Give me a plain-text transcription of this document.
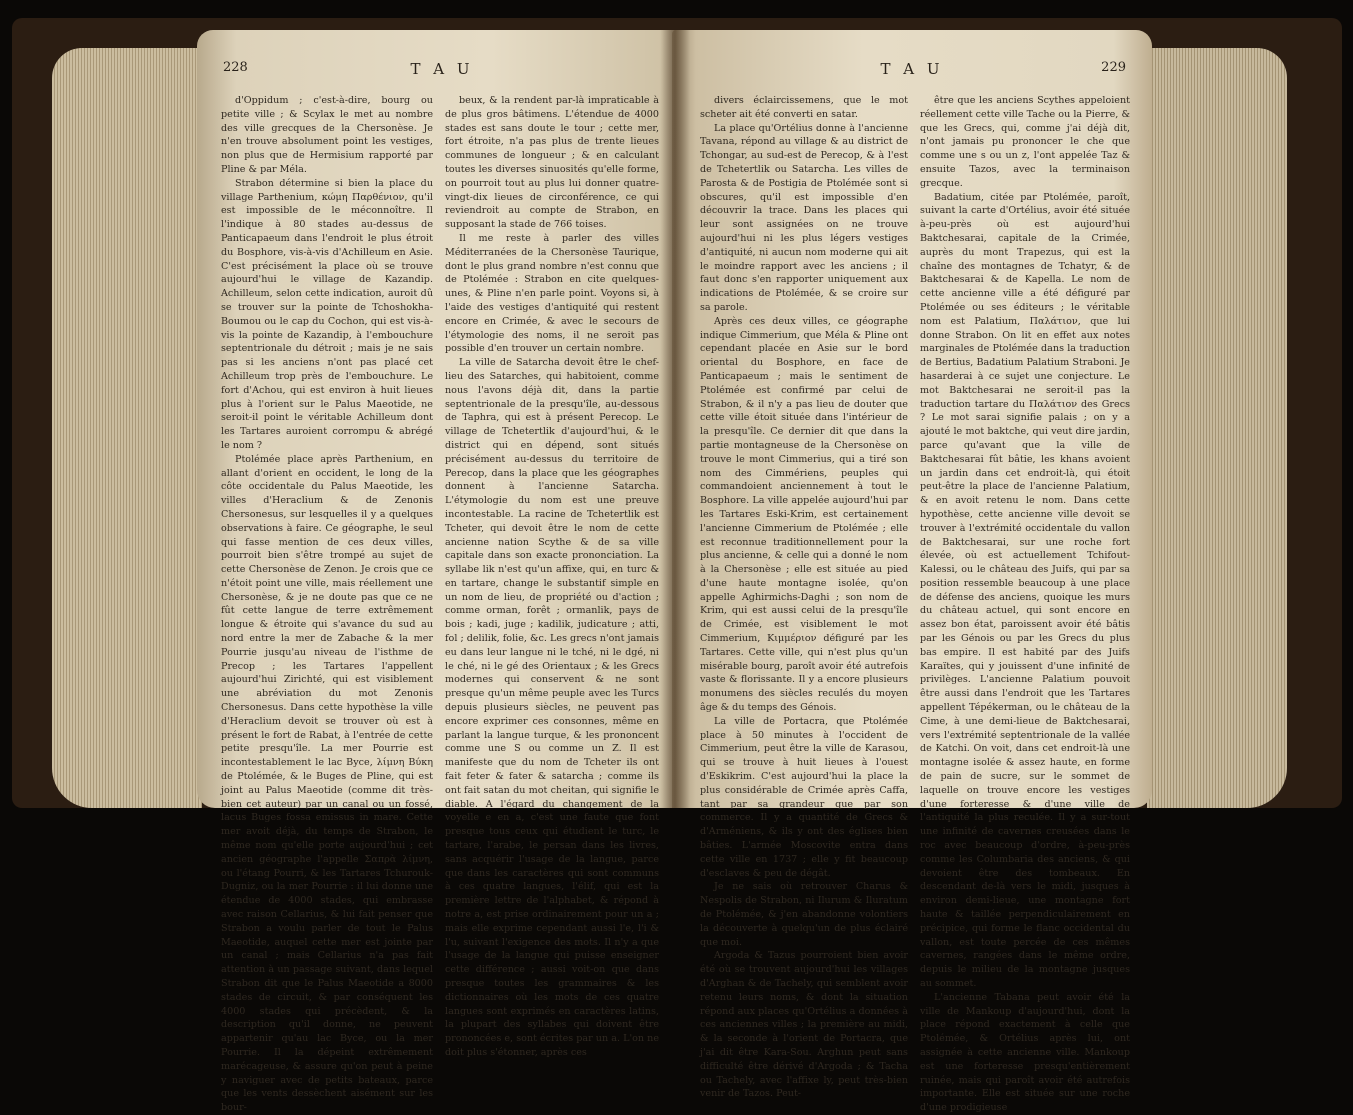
228	T A U

d'Oppidum ; c'est-à-dire, bourg ou petite ville ; & Scylax le met au nombre des ville grecques de la Chersonèse. Je n'en trouve absolument point les vestiges, non plus que de Hermisium rapporté par Pline & par Méla.

Strabon détermine si bien la place du village Parthenium, κώμη Παρθένιον, qu'il est impossible de le méconnoître. Il l'indique à 80 stades au-dessus de Panticapaeum dans l'endroit le plus étroit du Bosphore, vis-à-vis d'Achilleum en Asie. C'est précisément la place où se trouve aujourd'hui le village de Kazandip. Achilleum, selon cette indication, auroit dû se trouver sur la pointe de Tchoshokha-Boumou ou le cap du Cochon, qui est vis-à-vis la pointe de Kazandip, à l'embouchure septentrionale du détroit ; mais je ne sais pas si les anciens n'ont pas placé cet Achilleum trop près de l'embouchure. Le fort d'Achou, qui est environ à huit lieues plus à l'orient sur le Palus Maeotide, ne seroit-il point le véritable Achilleum dont les Tartares auroient corrompu & abrégé le nom ?

Ptolémée place après Parthenium, en allant d'orient en occident, le long de la côte occidentale du Palus Maeotide, les villes d'Heraclium & de Zenonis Chersonesus, sur lesquelles il y a quelques observations à faire. Ce géographe, le seul qui fasse mention de ces deux villes, pourroit bien s'être trompé au sujet de cette Chersonèse de Zenon. Je crois que ce n'étoit point une ville, mais réellement une Chersonèse, & je ne doute pas que ce ne fût cette langue de terre extrêmement longue & étroite qui s'avance du sud au nord entre la mer de Zabache & la mer Pourrie jusqu'au niveau de l'isthme de Precop ; les Tartares l'appellent aujourd'hui Zirichté, qui est visiblement une abréviation du mot Zenonis Chersonesus. Dans cette hypothèse la ville d'Heraclium devoit se trouver où est à présent le fort de Rabat, à l'entrée de cette petite presqu'île. La mer Pourrie est incontestablement le lac Byce, λίμνη Βύκη de Ptolémée, & le Buges de Pline, qui est joint au Palus Maeotide (comme dit très-bien cet auteur) par un canal ou un fossé, lacus Buges fossa emissus in mare. Cette mer avoit déjà, du temps de Strabon, le même nom qu'elle porte aujourd'hui ; cet ancien géographe l'appelle Σαπρὰ λίμνη, ou l'étang Pourri, & les Tartares Tchurouk-Dugniz, ou la mer Pourrie : il lui donne une étendue de 4000 stades, qui embrasse avec raison Cellarius, & lui fait penser que Strabon a voulu parler de tout le Palus Maeotide, auquel cette mer est jointe par un canal ; mais Cellarius n'a pas fait attention à un passage suivant, dans lequel Strabon dit que le Palus Maeotide a 8000 stades de circuit, & par conséquent les 4000 stades qui précèdent, & la description qu'il donne, ne peuvent appartenir qu'au lac Byce, ou la mer Pourrie. Il la dépeint extrêmement marécageuse, & assure qu'on peut à peine y naviguer avec de petits bateaux, parce que les vents dessèchent aisément sur les bour-

beux, & la rendent par-là impraticable à de plus gros bâtimens. L'étendue de 4000 stades est sans doute le tour ; cette mer, fort étroite, n'a pas plus de trente lieues communes de longueur ; & en calculant toutes les diverses sinuosités qu'elle forme, on pourroit tout au plus lui donner quatre-vingt-dix lieues de circonférence, ce qui reviendroit au compte de Strabon, en supposant la stade de 766 toises.

Il me reste à parler des villes Méditerranées de la Chersonèse Taurique, dont le plus grand nombre n'est connu que de Ptolémée : Strabon en cite quelques-unes, & Pline n'en parle point. Voyons si, à l'aide des vestiges d'antiquité qui restent encore en Crimée, & avec le secours de l'étymologie des noms, il ne seroit pas possible d'en trouver un certain nombre.

La ville de Satarcha devoit être le chef-lieu des Satarches, qui habitoient, comme nous l'avons déjà dit, dans la partie septentrionale de la presqu'île, au-dessous de Taphra, qui est à présent Perecop. Le village de Tchetertlik d'aujourd'hui, & le district qui en dépend, sont situés précisément au-dessus du territoire de Perecop, dans la place que les géographes donnent à l'ancienne Satarcha. L'étymologie du nom est une preuve incontestable. La racine de Tchetertlik est Tcheter, qui devoit être le nom de cette ancienne nation Scythe & de sa ville capitale dans son exacte prononciation. La syllabe lik n'est qu'un affixe, qui, en turc & en tartare, change le substantif simple en un nom de lieu, de propriété ou d'action ; comme orman, forêt ; ormanlik, pays de bois ; kadi, juge ; kadilik, judicature ; atti, fol ; delilik, folie, &c. Les grecs n'ont jamais eu dans leur langue ni le tché, ni le dgé, ni le ché, ni le gé des Orientaux ; & les Grecs modernes qui conservent & ne sont presque qu'un même peuple avec les Turcs depuis plusieurs siècles, ne peuvent pas encore exprimer ces consonnes, même en parlant la langue turque, & les prononcent comme une S ou comme un Z. Il est manifeste que du nom de Tcheter ils ont fait feter & fater & satarcha ; comme ils ont fait satan du mot cheitan, qui signifie le diable. A l'égard du changement de la voyelle e en a, c'est une faute que font presque tous ceux qui étudient le turc, le tartare, l'arabe, le persan dans les livres, sans acquérir l'usage de la langue, parce que dans les caractères qui sont communs à ces quatre langues, l'élif, qui est la première lettre de l'alphabet, & répond à notre a, est prise ordinairement pour un a ; mais elle exprime cependant aussi l'e, l'i & l'u, suivant l'exigence des mots. Il n'y a que l'usage de la langue qui puisse enseigner cette différence ; aussi voit-on que dans presque toutes les grammaires & les dictionnaires où les mots de ces quatre langues sont exprimés en caractères latins, la plupart des syllabes qui doivent être prononcées e, sont écrites par un a. L'on ne doit plus s'étonner, après ces

T A U	229

divers éclaircissemens, que le mot scheter ait été converti en satar.

La place qu'Ortélius donne à l'ancienne Tavana, répond au village & au district de Tchongar, au sud-est de Perecop, & à l'est de Tchetertlik ou Satarcha. Les villes de Parosta & de Postigia de Ptolémée sont si obscures, qu'il est impossible d'en découvrir la trace. Dans les places qui leur sont assignées on ne trouve aujourd'hui ni les plus légers vestiges d'antiquité, ni aucun nom moderne qui ait le moindre rapport avec les anciens ; il faut donc s'en rapporter uniquement aux indications de Ptolémée, & se croire sur sa parole.

Après ces deux villes, ce géographe indique Cimmerium, que Méla & Pline ont cependant placée en Asie sur le bord oriental du Bosphore, en face de Panticapaeum ; mais le sentiment de Ptolémée est confirmé par celui de Strabon, & il n'y a pas lieu de douter que cette ville étoit située dans l'intérieur de la presqu'île. Ce dernier dit que dans la partie montagneuse de la Chersonèse on trouve le mont Cimmerius, qui a tiré son nom des Cimmériens, peuples qui commandoient anciennement à tout le Bosphore. La ville appelée aujourd'hui par les Tartares Eski-Krim, est certainement l'ancienne Cimmerium de Ptolémée ; elle est reconnue traditionnellement pour la plus ancienne, & celle qui a donné le nom à la Chersonèse ; elle est située au pied d'une haute montagne isolée, qu'on appelle Aghirmichs-Daghi ; son nom de Krim, qui est aussi celui de la presqu'île de Crimée, est visiblement le mot Cimmerium, Κιμμέριον défiguré par les Tartares. Cette ville, qui n'est plus qu'un misérable bourg, paroît avoir été autrefois vaste & florissante. Il y a encore plusieurs monumens des siècles reculés du moyen âge & du temps des Génois.

La ville de Portacra, que Ptolémée place à 50 minutes à l'occident de Cimmerium, peut être la ville de Karasou, qui se trouve à huit lieues à l'ouest d'Eskikrim. C'est aujourd'hui la place la plus considérable de Crimée après Caffa, tant par sa grandeur que par son commerce. Il y a quantité de Grecs & d'Arméniens, & ils y ont des églises bien bâties. L'armée Moscovite entra dans cette ville en 1737 ; elle y fit beaucoup d'esclaves & peu de dégât.

Je ne sais où retrouver Charus & Nespolis de Strabon, ni Ilurum & Iluratum de Ptolémée, & j'en abandonne volontiers la découverte à quelqu'un de plus éclairé que moi.

Argoda & Tazus pourroient bien avoir été où se trouvent aujourd'hui les villages d'Arghan & de Tachely, qui semblent avoir retenu leurs noms, & dont la situation répond aux places qu'Ortélius a données à ces anciennes villes ; la première au midi, & la seconde à l'orient de Portacra, que j'ai dit être Kara-Sou. Arghun peut sans difficulté être dérivé d'Argoda ; & Tacha ou Tachely, avec l'affixe ly, peut très-bien venir de Tazos. Peut-

être que les anciens Scythes appeloient réellement cette ville Tache ou la Pierre, & que les Grecs, qui, comme j'ai déjà dit, n'ont jamais pu prononcer le che que comme une s ou un z, l'ont appelée Taz & ensuite Tazos, avec la terminaison grecque.

Badatium, citée par Ptolémée, paroît, suivant la carte d'Ortélius, avoir été située à-peu-près où est aujourd'hui Baktchesarai, capitale de la Crimée, auprès du mont Trapezus, qui est la chaîne des montagnes de Tchatyr, & de Baktchesarai & de Kapella. Le nom de cette ancienne ville a été défiguré par Ptolémée ou ses éditeurs ; le véritable nom est Palatium, Παλάτιον, que lui donne Strabon. On lit en effet aux notes marginales de Ptolémée dans la traduction de Bertius, Badatium Palatium Straboni. Je hasarderai à ce sujet une conjecture. Le mot Baktchesarai ne seroit-il pas la traduction tartare du Παλάτιον des Grecs ? Le mot sarai signifie palais ; on y a ajouté le mot baktche, qui veut dire jardin, parce qu'avant que la ville de Baktchesarai fût bâtie, les khans avoient un jardin dans cet endroit-là, qui étoit peut-être la place de l'ancienne Palatium, & en avoit retenu le nom. Dans cette hypothèse, cette ancienne ville devoit se trouver à l'extrémité occidentale du vallon de Baktchesarai, sur une roche fort élevée, où est actuellement Tchifout-Kalessi, ou le château des Juifs, qui par sa position ressemble beaucoup à une place de défense des anciens, quoique les murs du château actuel, qui sont encore en assez bon état, paroissent avoir été bâtis par les Génois ou par les Grecs du plus bas empire. Il est habité par des Juifs Karaïtes, qui y jouissent d'une infinité de privilèges. L'ancienne Palatium pouvoit être aussi dans l'endroit que les Tartares appellent Tépékerman, ou le château de la Cime, à une demi-lieue de Baktchesarai, vers l'extrémité septentrionale de la vallée de Katchi. On voit, dans cet endroit-là une montagne isolée & assez haute, en forme de pain de sucre, sur le sommet de laquelle on trouve encore les vestiges d'une forteresse & d'une ville de l'antiquité la plus reculée. Il y a sur-tout une infinité de cavernes creusées dans le roc avec beaucoup d'ordre, à-peu-près comme les Columbaria des anciens, & qui devoient être des tombeaux. En descendant de-là vers le midi, jusques à environ demi-lieue, une montagne fort haute & taillée perpendiculairement en précipice, qui forme le flanc occidental du vallon, est toute percée de ces mêmes cavernes, rangées dans le même ordre, depuis le milieu de la montagne jusques au sommet.

L'ancienne Tabana peut avoir été la ville de Mankoup d'aujourd'hui, dont la place répond exactement à celle que Ptolémée, & Ortélius après lui, ont assignée à cette ancienne ville. Mankoup est une forteresse presqu'entièrement ruinée, mais qui paroît avoir été autrefois importante. Elle est située sur une roche d'une prodigieuse
